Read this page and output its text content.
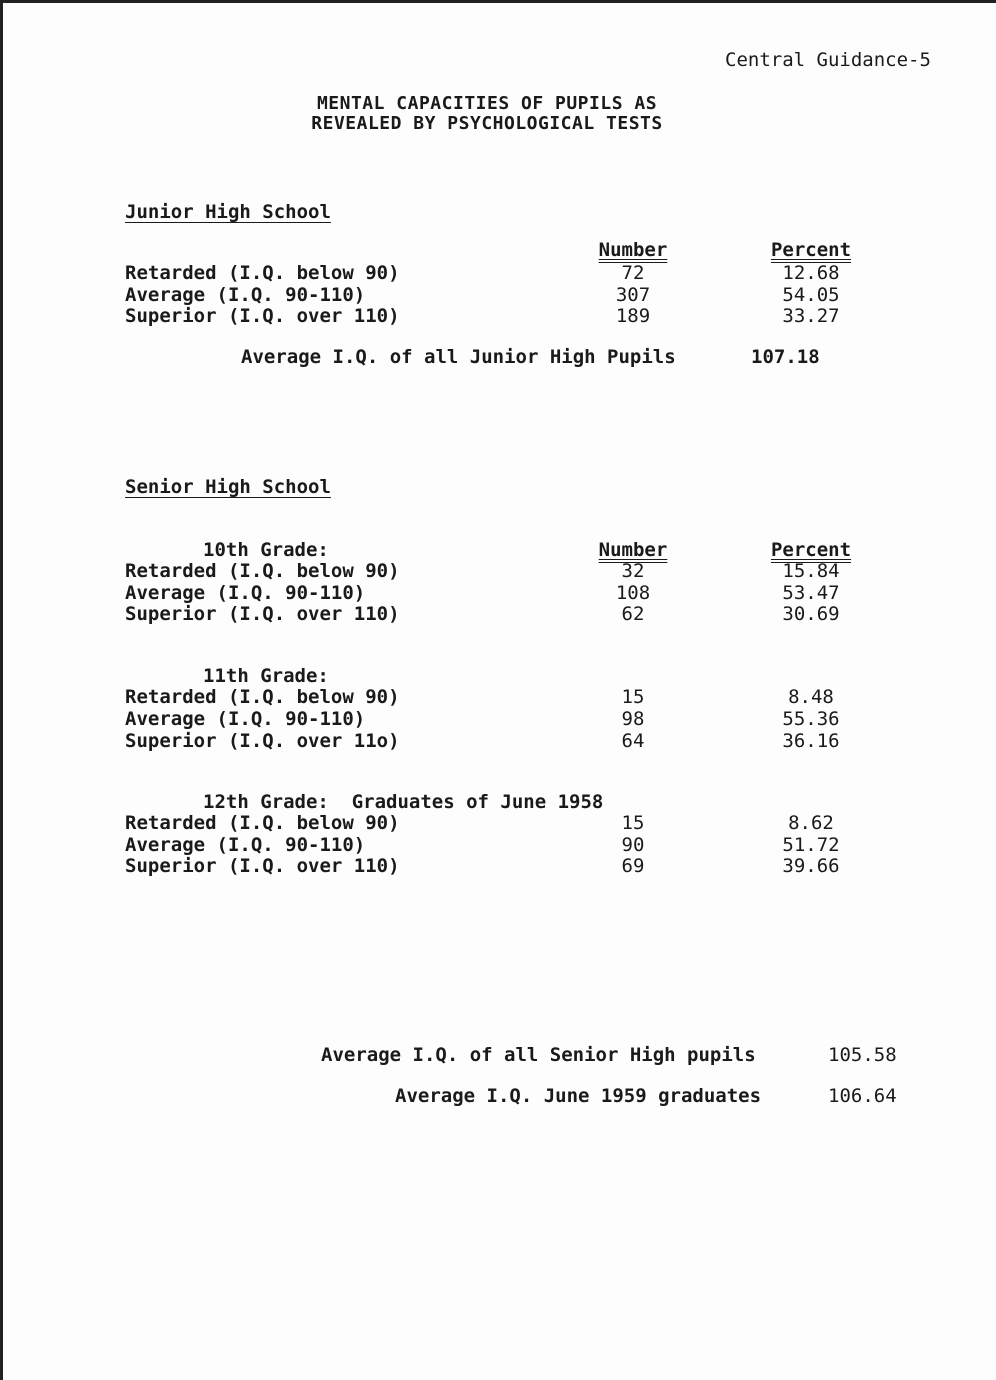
Central Guidance-5
MENTAL CAPACITIES OF PUPILS AS
REVEALED BY PSYCHOLOGICAL TESTS
Junior High School
Number	Percent
Retarded (I.Q. below 90)	72	12.68
Average (I.Q. 90-110)	307	54.05
Superior (I.Q. over 110)	189	33.27
Average I.Q. of all Junior High Pupils	107.18
Senior High School
10th Grade:	Number	Percent
Retarded (I.Q. below 90)	32	15.84
Average (I.Q. 90-110)	108	53.47
Superior (I.Q. over 110)	62	30.69
11th Grade:
Retarded (I.Q. below 90)	15	8.48
Average (I.Q. 90-110)	98	55.36
Superior (I.Q. over 11o)	64	36.16
12th Grade:  Graduates of June 1958
Retarded (I.Q. below 90)	15	8.62
Average (I.Q. 90-110)	90	51.72
Superior (I.Q. over 110)	69	39.66
Average I.Q. of all Senior High pupils	105.58
Average I.Q. June 1959 graduates	106.64
